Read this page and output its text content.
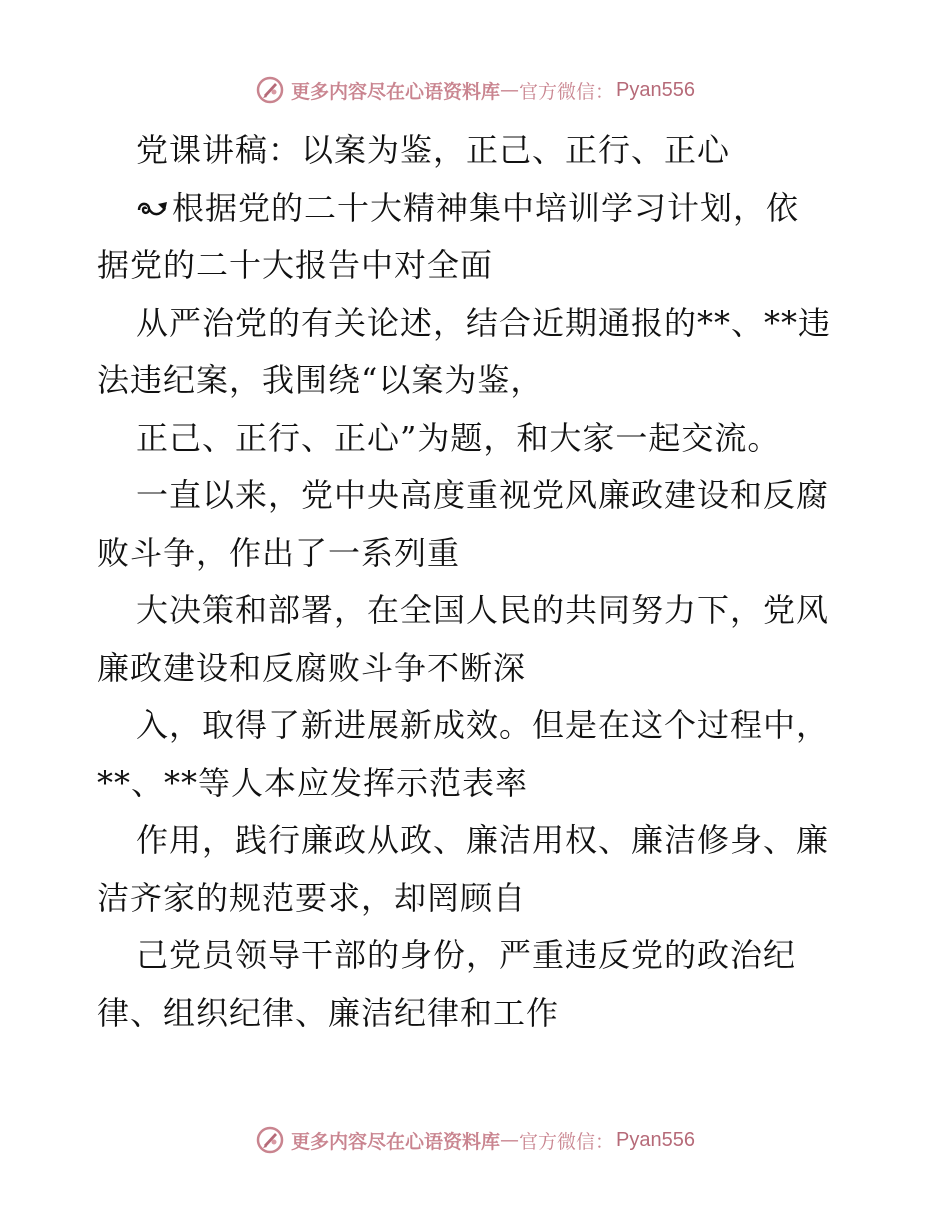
更多内容尽在心语资料库 — 官方微信： Pyan556
党课讲稿：以案为鉴，正己、正行、正心
根据党的二十大精神集中培训学习计划，依
据党的二十大报告中对全面
从严治党的有关论述，结合近期通报的**、**违
法违纪案，我围绕“以案为鉴，
正己、正行、正心”为题，和大家一起交流。
一直以来，党中央高度重视党风廉政建设和反腐
败斗争，作出了一系列重
大决策和部署，在全国人民的共同努力下，党风
廉政建设和反腐败斗争不断深
入，取得了新进展新成效。但是在这个过程中，
**、**等人本应发挥示范表率
作用，践行廉政从政、廉洁用权、廉洁修身、廉
洁齐家的规范要求，却罔顾自
己党员领导干部的身份，严重违反党的政治纪
律、组织纪律、廉洁纪律和工作
更多内容尽在心语资料库 — 官方微信： Pyan556
